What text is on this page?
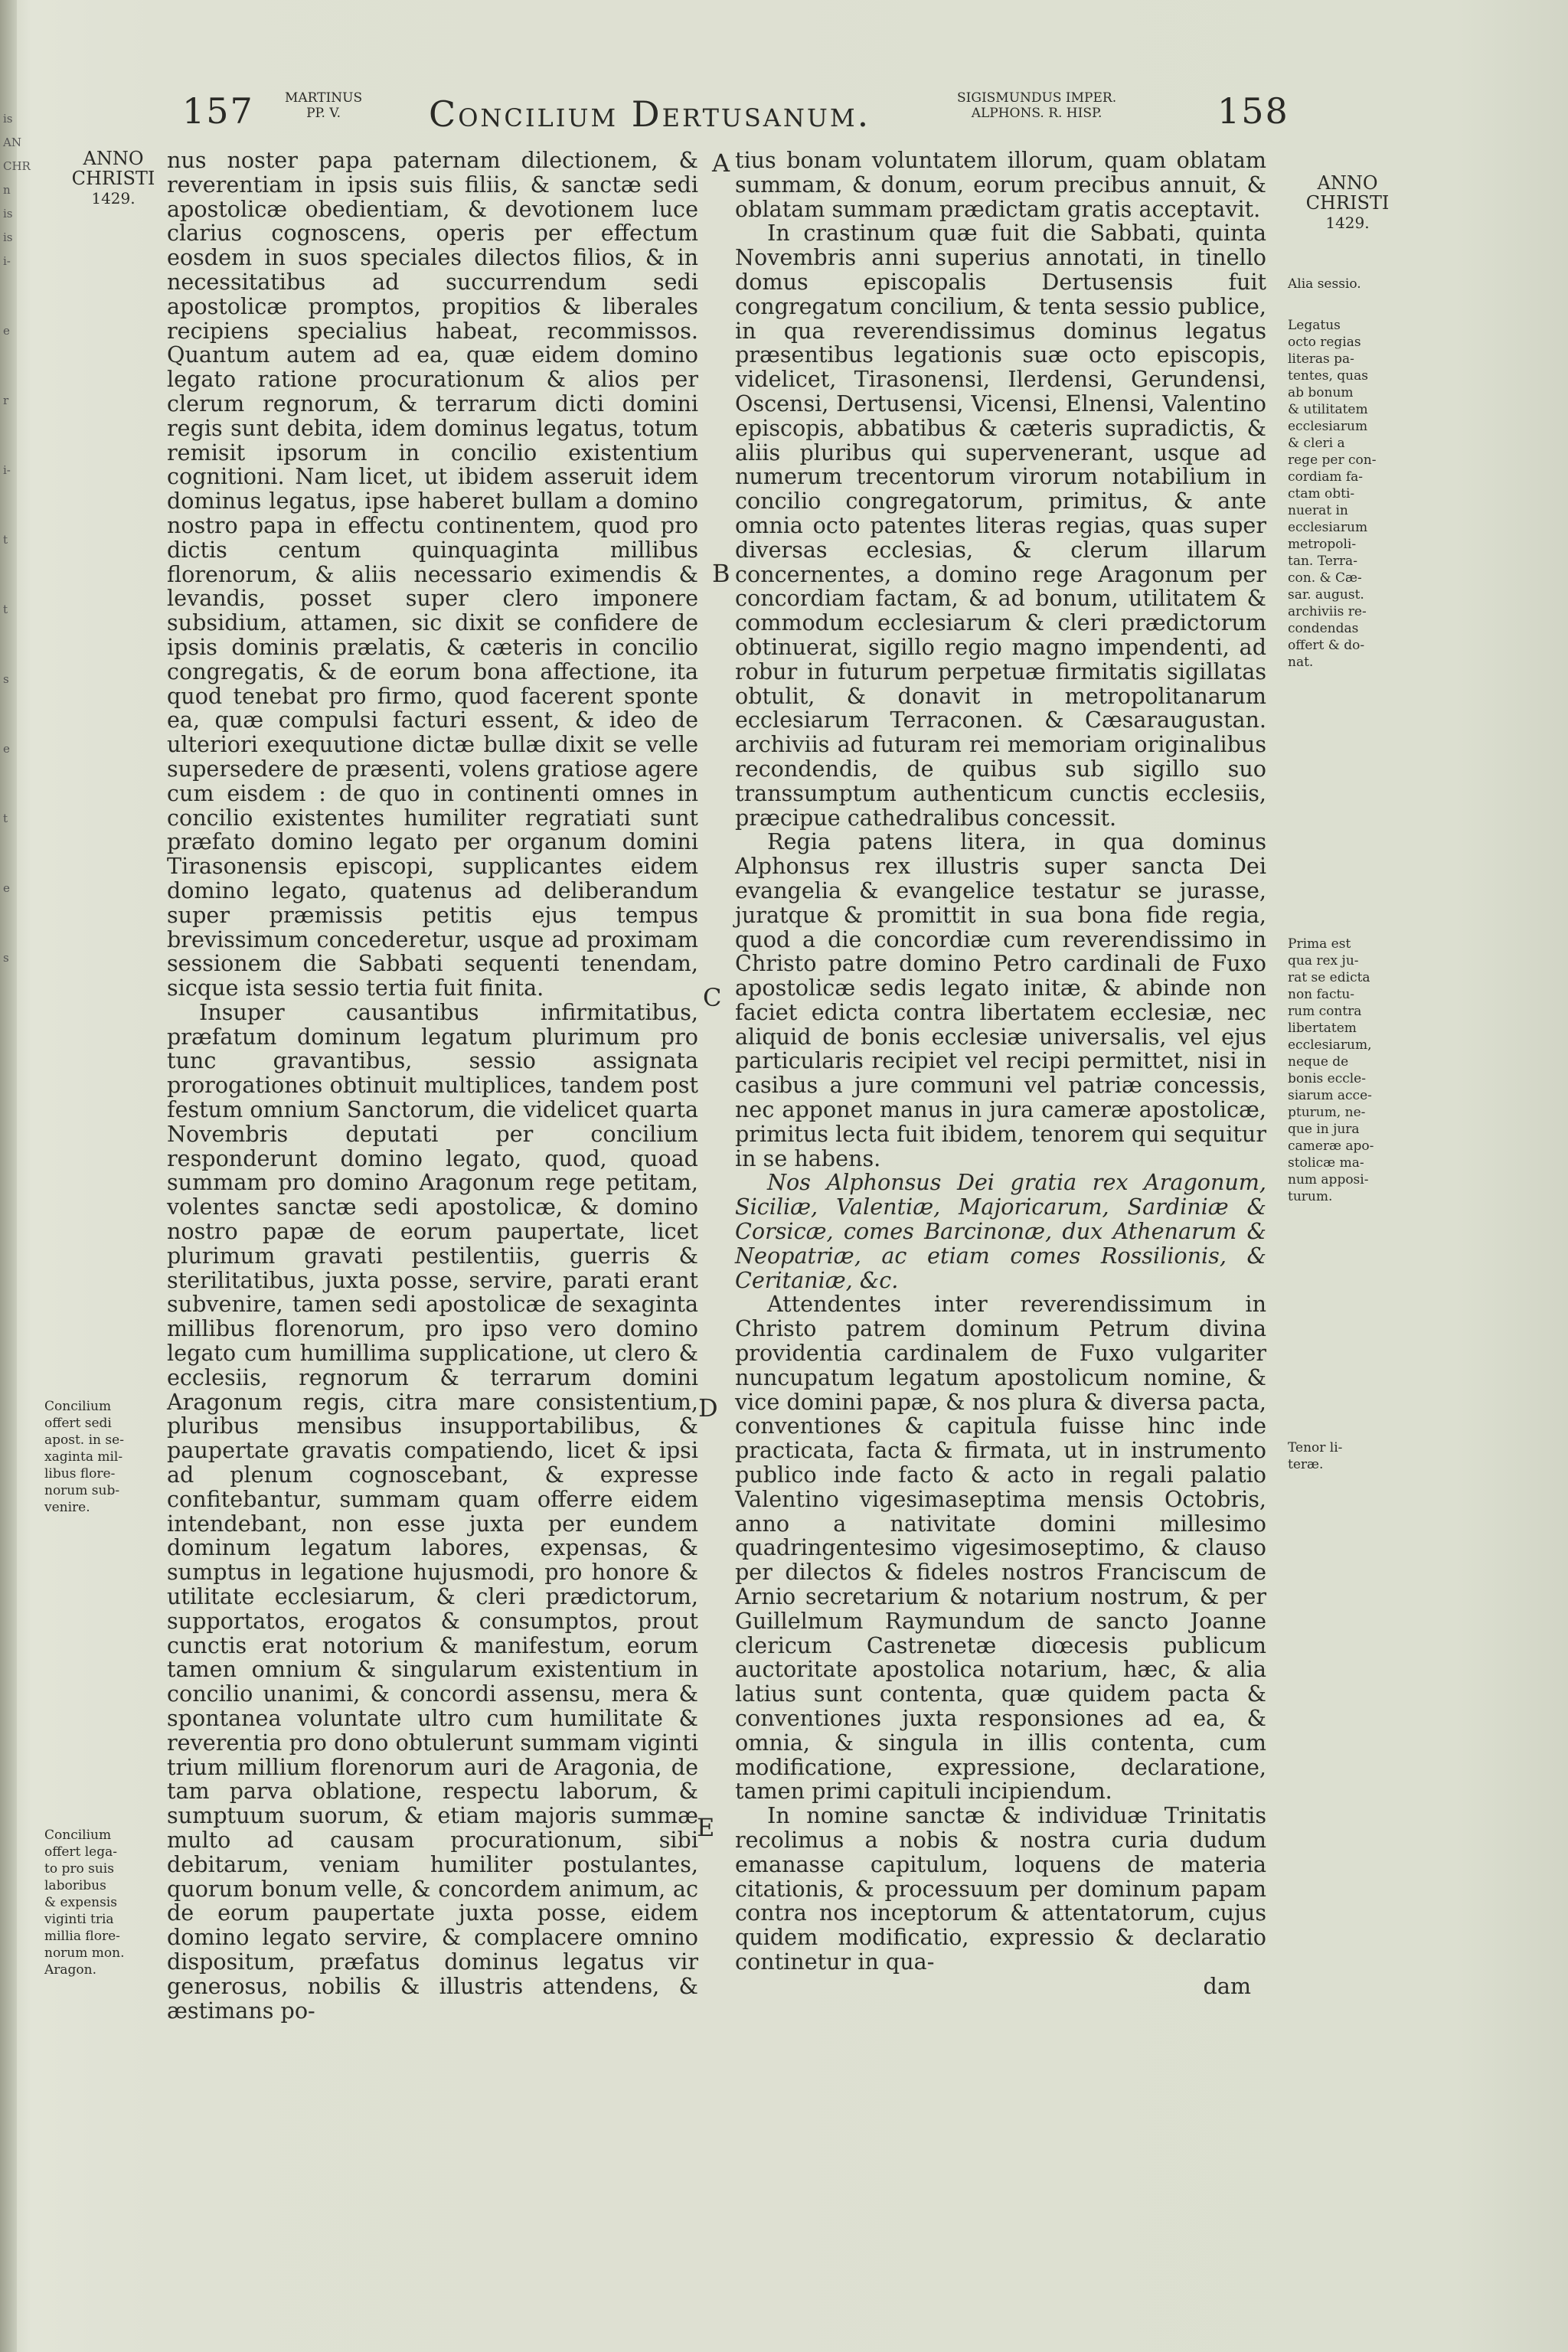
is
AN
CHR
n
is
is
i-
e
r
i-
t
t
s
e
t
e
s
157 MARTINUS
PP. V.	Concilium Dertusanum.	SIGISMUNDUS IMPER.
ALPHONS. R. HISP.	158
ANNO
CHRISTI
1429.
ANNO
CHRISTI
1429.

nus noster papa paternam dilectionem, & reverentiam in ipsis suis filiis, & sanctæ sedi apostolicæ obedientiam, & devotionem luce clarius cognoscens, operis per effectum eosdem in suos speciales dilectos filios, & in necessitatibus ad succurrendum sedi apostolicæ promptos, propitios & liberales recipiens specialius habeat, recommissos. Quantum autem ad ea, quæ eidem domino legato ratione procurationum & alios per clerum regnorum, & terrarum dicti domini regis sunt debita, idem dominus legatus, totum remisit ipsorum in concilio existentium cognitioni. Nam licet, ut ibidem asseruit idem dominus legatus, ipse haberet bullam a domino nostro papa in effectu continentem, quod pro dictis centum quinquaginta millibus florenorum, & aliis necessario eximendis & levandis, posset super clero imponere subsidium, attamen, sic dixit se confidere de ipsis dominis prælatis, & cæteris in concilio congregatis, & de eorum bona affectione, ita quod tenebat pro firmo, quod facerent sponte ea, quæ compulsi facturi essent, & ideo de ulteriori exequutione dictæ bullæ dixit se velle supersedere de præsenti, volens gratiose agere cum eisdem : de quo in continenti omnes in concilio existentes humiliter regratiati sunt præfato domino legato per organum domini Tirasonensis episcopi, supplicantes eidem domino legato, quatenus ad deliberandum super præmissis petitis ejus tempus brevissimum concederetur, usque ad proximam sessionem die Sabbati sequenti tenendam, sicque ista sessio tertia fuit finita.

Insuper causantibus infirmitatibus, præfatum dominum legatum plurimum pro tunc gravantibus, sessio assignata prorogationes obtinuit multiplices, tandem post festum omnium Sanctorum, die videlicet quarta Novembris deputati per concilium responderunt domino legato, quod, quoad summam pro domino Aragonum rege petitam, volentes sanctæ sedi apostolicæ, & domino nostro papæ de eorum paupertate, licet plurimum gravati pestilentiis, guerris & sterilitatibus, juxta posse, servire, parati erant subvenire, tamen sedi apostolicæ de sexaginta millibus florenorum, pro ipso vero domino legato cum humillima supplicatione, ut clero & ecclesiis, regnorum & terrarum domini Aragonum regis, citra mare consistentium, pluribus mensibus insupportabilibus, & paupertate gravatis compatiendo, licet & ipsi ad plenum cognoscebant, & expresse confitebantur, summam quam offerre eidem intendebant, non esse juxta per eundem dominum legatum labores, expensas, & sumptus in legatione hujusmodi, pro honore & utilitate ecclesiarum, & cleri prædictorum, supportatos, erogatos & consumptos, prout cunctis erat notorium & manifestum, eorum tamen omnium & singularum existentium in concilio unanimi, & concordi assensu, mera & spontanea voluntate ultro cum humilitate & reverentia pro dono obtulerunt summam viginti trium millium florenorum auri de Aragonia, de tam parva oblatione, respectu laborum, & sumptuum suorum, & etiam majoris summæ multo ad causam procurationum, sibi debitarum, veniam humiliter postulantes, quorum bonum velle, & concordem animum, ac de eorum paupertate juxta posse, eidem domino legato servire, & complacere omnino dispositum, præfatus dominus legatus vir generosus, nobilis & illustris attendens, & æstimans po-

A
B
C
D
E

tius bonam voluntatem illorum, quam oblatam summam, & donum, eorum precibus annuit, & oblatam summam prædictam gratis acceptavit.

In crastinum quæ fuit die Sabbati, quinta Novembris anni superius annotati, in tinello domus episcopalis Dertusensis fuit congregatum concilium, & tenta sessio publice, in qua reverendissimus dominus legatus præsentibus legationis suæ octo episcopis, videlicet, Tirasonensi, Ilerdensi, Gerundensi, Oscensi, Dertusensi, Vicensi, Elnensi, Valentino episcopis, abbatibus & cæteris supradictis, & aliis pluribus qui supervenerant, usque ad numerum trecentorum virorum notabilium in concilio congregatorum, primitus, & ante omnia octo patentes literas regias, quas super diversas ecclesias, & clerum illarum concernentes, a domino rege Aragonum per concordiam factam, & ad bonum, utilitatem & commodum ecclesiarum & cleri prædictorum obtinuerat, sigillo regio magno impendenti, ad robur in futurum perpetuæ firmitatis sigillatas obtulit, & donavit in metropolitanarum ecclesiarum Terraconen. & Cæsaraugustan. archiviis ad futuram rei memoriam originalibus recondendis, de quibus sub sigillo suo transsumptum authenticum cunctis ecclesiis, præcipue cathedralibus concessit.

Regia patens litera, in qua dominus Alphonsus rex illustris super sancta Dei evangelia & evangelice testatur se jurasse, juratque & promittit in sua bona fide regia, quod a die concordiæ cum reverendissimo in Christo patre domino Petro cardinali de Fuxo apostolicæ sedis legato initæ, & abinde non faciet edicta contra libertatem ecclesiæ, nec aliquid de bonis ecclesiæ universalis, vel ejus particularis recipiet vel recipi permittet, nisi in casibus a jure communi vel patriæ concessis, nec apponet manus in jura cameræ apostolicæ, primitus lecta fuit ibidem, tenorem qui sequitur in se habens.

Nos Alphonsus Dei gratia rex Aragonum, Siciliæ, Valentiæ, Majoricarum, Sardiniæ & Corsicæ, comes Barcinonæ, dux Athenarum & Neopatriæ, ac etiam comes Rossilionis, & Ceritaniæ, &c.

Attendentes inter reverendissimum in Christo patrem dominum Petrum divina providentia cardinalem de Fuxo vulgariter nuncupatum legatum apostolicum nomine, & vice domini papæ, & nos plura & diversa pacta, conventiones & capitula fuisse hinc inde practicata, facta & firmata, ut in instrumento publico inde facto & acto in regali palatio Valentino vigesimaseptima mensis Octobris, anno a nativitate domini millesimo quadringentesimo vigesimoseptimo, & clauso per dilectos & fideles nostros Franciscum de Arnio secretarium & notarium nostrum, & per Guillelmum Raymundum de sancto Joanne clericum Castrenetæ diœcesis publicum auctoritate apostolica notarium, hæc, & alia latius sunt contenta, quæ quidem pacta & conventiones juxta responsiones ad ea, & omnia, & singula in illis contenta, cum modificatione, expressione, declaratione, tamen primi capituli incipiendum.

In nomine sanctæ & individuæ Trinitatis recolimus a nobis & nostra curia dudum emanasse capitulum, loquens de materia citationis, & processuum per dominum papam contra nos inceptorum & attentatorum, cujus quidem modificatio, expressio & declaratio continetur in qua-

dam

Concilium
offert sedi
apost. in se-
xaginta mil-
libus flore-
norum sub-
venire.
Concilium
offert lega-
to pro suis
laboribus
& expensis
viginti tria
millia flore-
norum mon.
Aragon.
Alia sessio.
Legatus
octo regias
literas pa-
tentes, quas
ab bonum
& utilitatem
ecclesiarum
& cleri a
rege per con-
cordiam fa-
ctam obti-
nuerat in
ecclesiarum
metropoli-
tan. Terra-
con. & Cæ-
sar. august.
archiviis re-
condendas
offert & do-
nat.
Prima est
qua rex ju-
rat se edicta
non factu-
rum contra
libertatem
ecclesiarum,
neque de
bonis eccle-
siarum acce-
pturum, ne-
que in jura
cameræ apo-
stolicæ ma-
num apposi-
turum.
Tenor li-
teræ.
